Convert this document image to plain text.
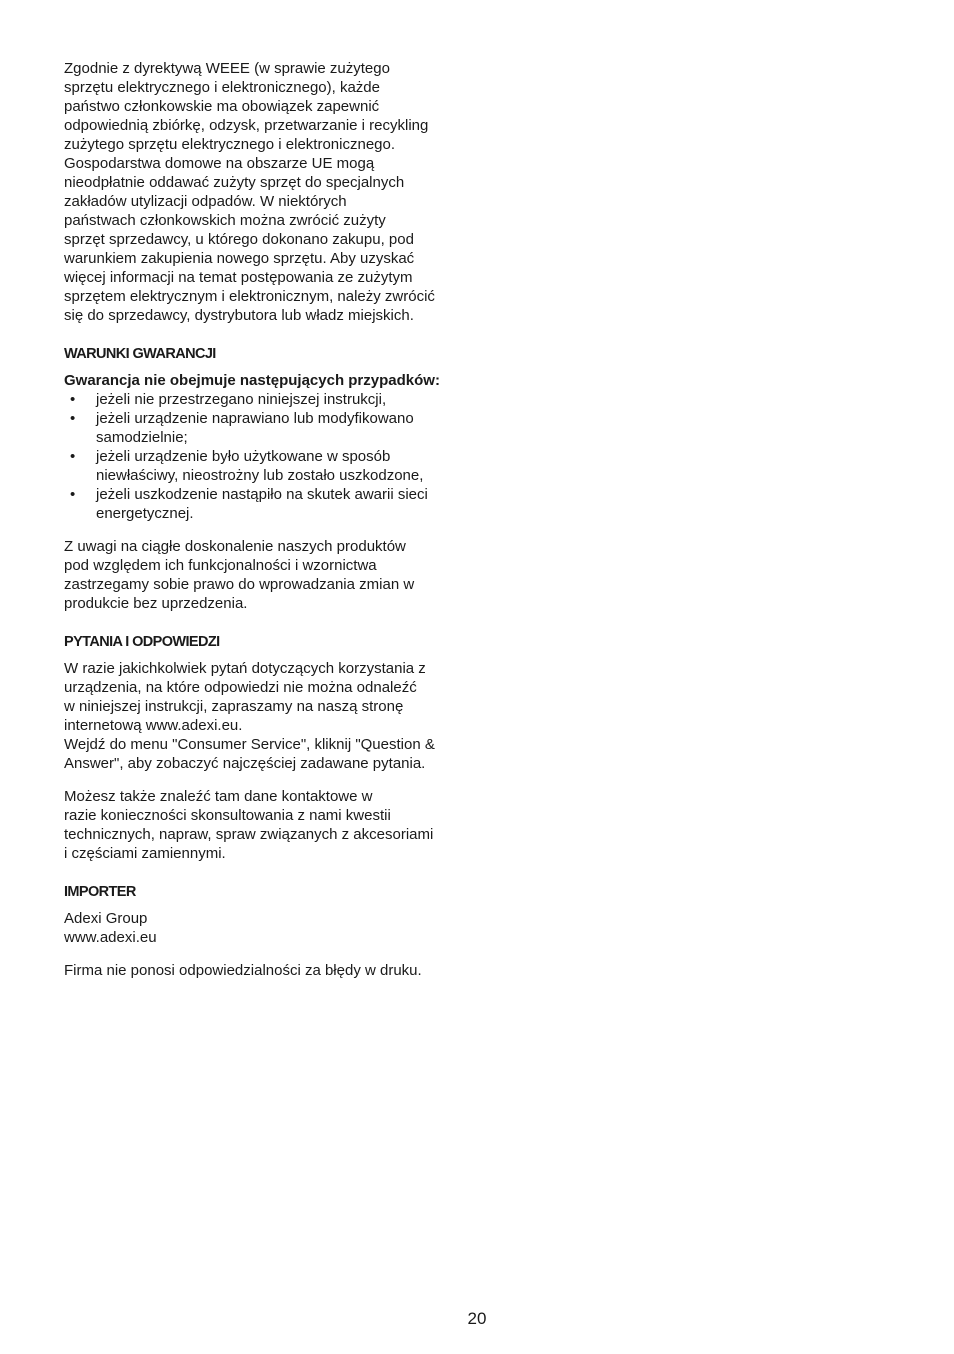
Zgodnie z dyrektywą WEEE (w sprawie zużytego
sprzętu elektrycznego i elektronicznego), każde
państwo członkowskie ma obowiązek zapewnić
odpowiednią zbiórkę, odzysk, przetwarzanie i recykling
zużytego sprzętu elektrycznego i elektronicznego.
Gospodarstwa domowe na obszarze UE mogą
nieodpłatnie oddawać zużyty sprzęt do specjalnych
zakładów utylizacji odpadów. W niektórych
państwach członkowskich można zwrócić zużyty
sprzęt sprzedawcy, u którego dokonano zakupu, pod
warunkiem zakupienia nowego sprzętu. Aby uzyskać
więcej informacji na temat postępowania ze zużytym
sprzętem elektrycznym i elektronicznym, należy zwrócić
się do sprzedawcy, dystrybutora lub władz miejskich.
WARUNKI GWARANCJI
Gwarancja nie obejmuje następujących przypadków:
• jeżeli nie przestrzegano niniejszej instrukcji,
• jeżeli urządzenie naprawiano lub modyfikowano
samodzielnie;
• jeżeli urządzenie było użytkowane w sposób
niewłaściwy, nieostrożny lub zostało uszkodzone,
• jeżeli uszkodzenie nastąpiło na skutek awarii sieci
energetycznej.
Z uwagi na ciągłe doskonalenie naszych produktów
pod względem ich funkcjonalności i wzornictwa
zastrzegamy sobie prawo do wprowadzania zmian w
produkcie bez uprzedzenia.
PYTANIA I ODPOWIEDZI
W razie jakichkolwiek pytań dotyczących korzystania z
urządzenia, na które odpowiedzi nie można odnaleźć
w niniejszej instrukcji, zapraszamy na naszą stronę
internetową www.adexi.eu.
Wejdź do menu "Consumer Service", kliknij "Question &
Answer", aby zobaczyć najczęściej zadawane pytania.
Możesz także znaleźć tam dane kontaktowe w
razie konieczności skonsultowania z nami kwestii
technicznych, napraw, spraw związanych z akcesoriami
i częściami zamiennymi.
IMPORTER
Adexi Group
www.adexi.eu
Firma nie ponosi odpowiedzialności za błędy w druku.
20
